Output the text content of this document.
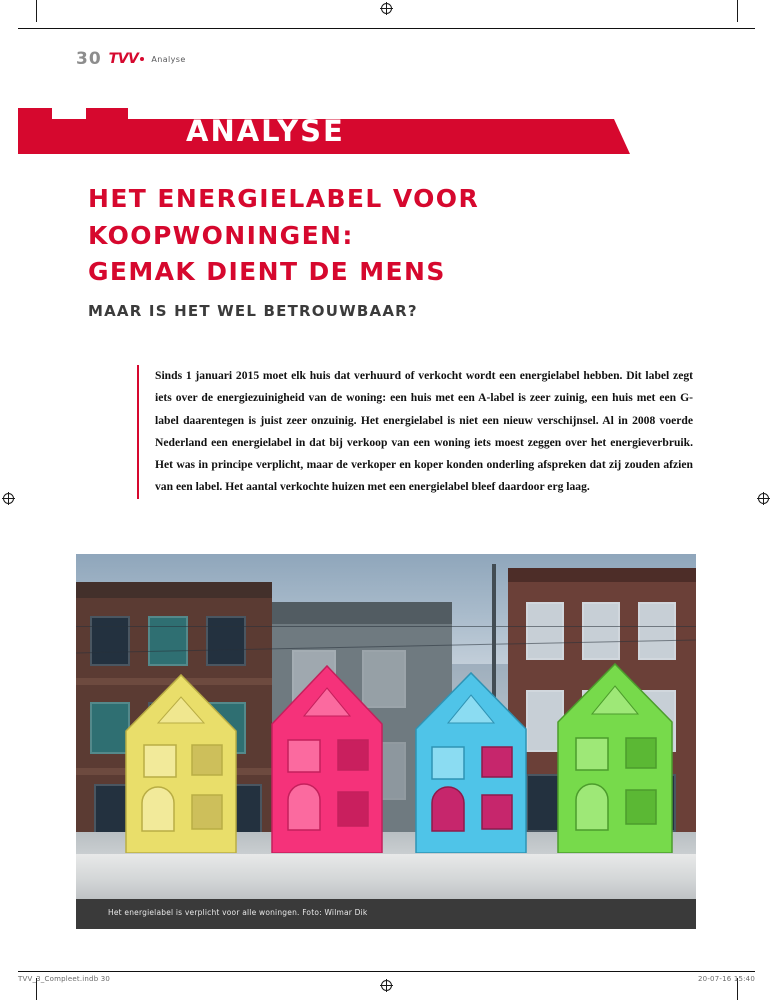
30 TVV	Analyse
ANALYSE
HET ENERGIELABEL VOOR
KOOPWONINGEN:
GEMAK DIENT DE MENS
MAAR IS HET WEL BETROUWBAAR?
Sinds 1 januari 2015 moet elk huis dat verhuurd of verkocht wordt een energielabel hebben. Dit label zegt iets over de energiezuinigheid van de woning: een huis met een A-label is zeer zuinig, een huis met een G-label daarentegen is juist zeer onzuinig. Het energielabel is niet een nieuw verschijnsel. Al in 2008 voerde Nederland een energielabel in dat bij verkoop van een woning iets moest zeggen over het energieverbruik. Het was in principe verplicht, maar de verkoper en koper konden onderling afspreken dat zij zouden afzien van een label. Het aantal verkochte huizen met een energielabel bleef daardoor erg laag.
Het energielabel is verplicht voor alle woningen. Foto: Wilmar Dik
TVV_3_Compleet.indb 30	20-07-16 15:40
